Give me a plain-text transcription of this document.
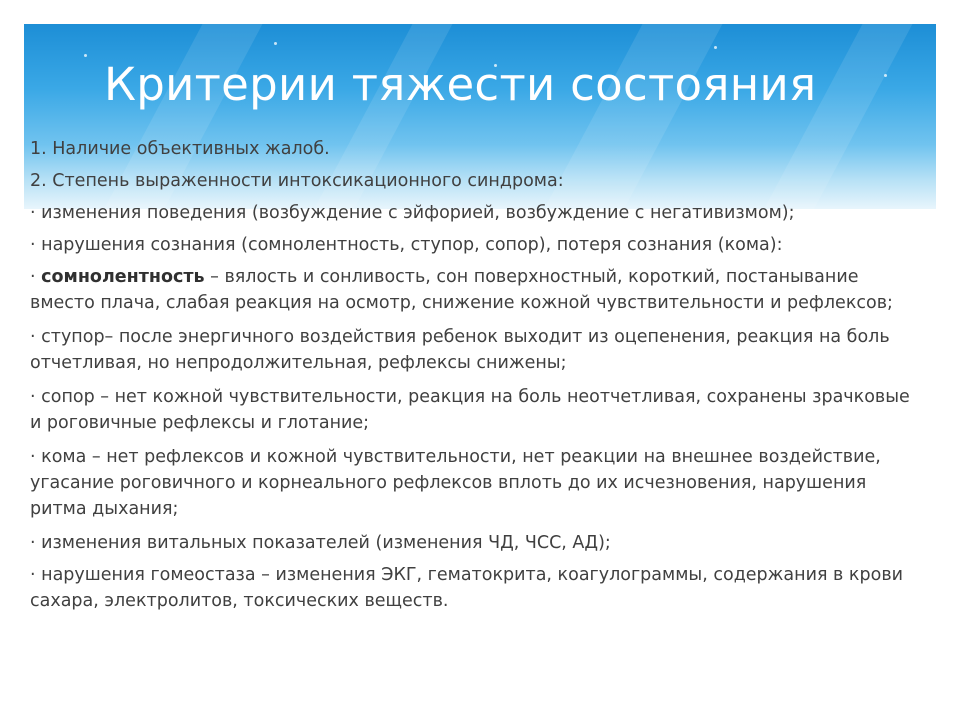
Критерии тяжести состояния

1. Наличие объективных жалоб.

2. Степень выраженности интоксикационного синдрома:

· изменения поведения (возбуждение с эйфорией, возбуждение с негативизмом);

· нарушения сознания (сомнолентность, ступор, сопор), потеря сознания (кома):

· сомнолентность – вялость и сонливость, сон поверхностный, короткий, постанывание вместо плача, слабая реакция на осмотр, снижение кожной чувствительности и рефлексов;

· ступор– после энергичного воздействия ребенок выходит из оцепенения, реакция на боль отчетливая, но непродолжительная, рефлексы снижены;

· сопор – нет кожной чувствительности, реакция на боль неотчетливая, сохранены зрачковые и роговичные рефлексы и глотание;

· кома – нет рефлексов и кожной чувствительности, нет реакции на внешнее воздействие, угасание роговичного и корнеального рефлексов вплоть до их исчезновения, нарушения ритма дыхания;

· изменения витальных показателей (изменения ЧД, ЧСС, АД);

· нарушения гомеостаза – изменения ЭКГ, гематокрита, коагулограммы, содержания в крови сахара, электролитов, токсических веществ.
